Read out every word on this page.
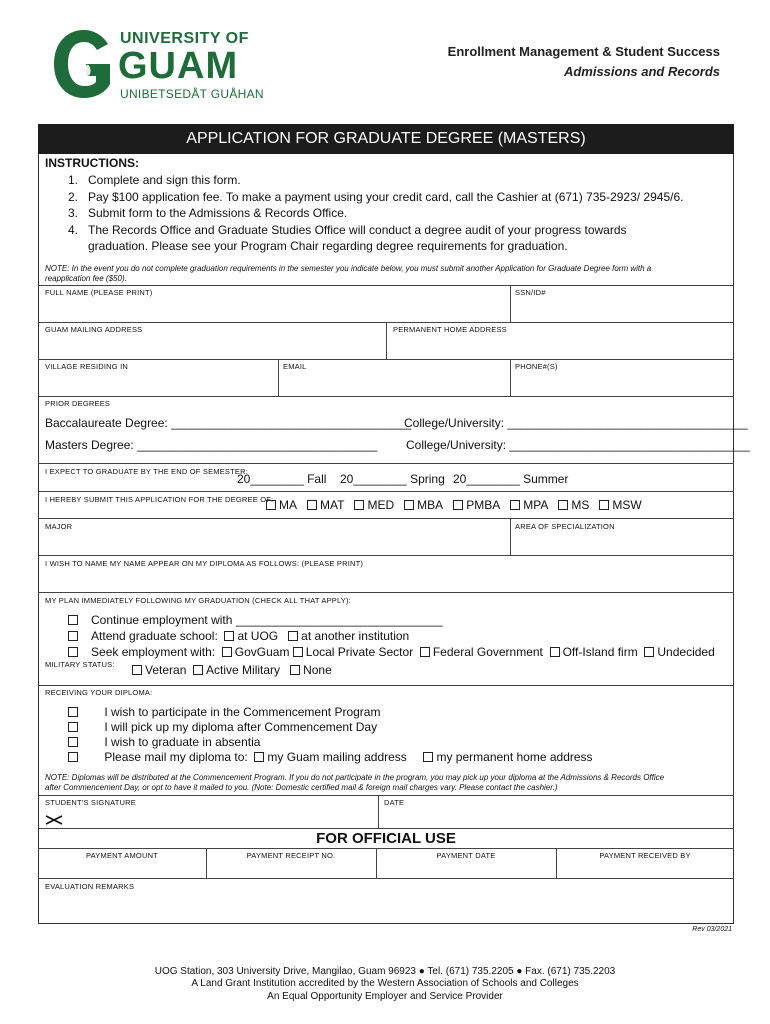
UNIVERSITY OF
GUAM
UNIBETSEDÅT GUÅHAN
Enrollment Management & Student Success
Admissions and Records
APPLICATION FOR GRADUATE DEGREE (MASTERS)
INSTRUCTIONS:
1. Complete and sign this form.
2. Pay $100 application fee. To make a payment using your credit card, call the Cashier at (671) 735-2923/ 2945/6.
3. Submit form to the Admissions & Records Office.
4. The Records Office and Graduate Studies Office will conduct a degree audit of your progress towards
graduation. Please see your Program Chair regarding degree requirements for graduation.
NOTE: In the event you do not complete graduation requirements in the semester you indicate below, you must submit another Application for Graduate Degree form with a
reapplication fee ($50).
FULL NAME (PLEASE PRINT)	SSN/ID#
GUAM MAILING ADDRESS	PERMANENT HOME ADDRESS
VILLAGE RESIDING IN	EMAIL	PHONE#(S)
PRIOR DEGREES
Baccalaureate Degree: ____________________________________
College/University: ____________________________________
Masters Degree: ____________________________________ College/University: ____________________________________
I EXPECT TO GRADUATE BY THE END OF SEMESTER:
20________ Fall 20________ Spring 20________ Summer
I HEREBY SUBMIT THIS APPLICATION FOR THE DEGREE OF: MA MAT MED MBA PMBA MPA MS MSW
MAJOR	AREA OF SPECIALIZATION
I WISH TO NAME MY NAME APPEAR ON MY DIPLOMA AS FOLLOWS: (PLEASE PRINT)
MY PLAN IMMEDIATELY FOLLOWING MY GRADUATION (CHECK ALL THAT APPLY):
Continue employment with _______________________________
Attend graduate school: at UOG at another institution
Seek employment with: GovGuam Local Private Sector Federal Government Off-Island firm Undecided
MILITARY STATUS:	Veteran Active Military None
RECEIVING YOUR DIPLOMA:
I wish to participate in the Commencement Program
I will pick up my diploma after Commencement Day
I wish to graduate in absentia
Please mail my diploma to: my Guam mailing address my permanent home address
NOTE: Diplomas will be distributed at the Commencement Program. If you do not participate in the program, you may pick up your diploma at the Admissions & Records Office
after Commencement Day, or opt to have it mailed to you. (Note: Domestic certified mail & foreign mail charges vary. Please contact the cashier.)
STUDENT'S SIGNATURE	DATE
FOR OFFICIAL USE
PAYMENT AMOUNT	PAYMENT RECEIPT NO.	PAYMENT DATE	PAYMENT RECEIVED BY
EVALUATION REMARKS
Rev 03/2021
UOG Station, 303 University Drive, Mangilao, Guam 96923 ● Tel. (671) 735.2205 ● Fax. (671) 735.2203
A Land Grant Institution accredited by the Western Association of Schools and Colleges
An Equal Opportunity Employer and Service Provider
